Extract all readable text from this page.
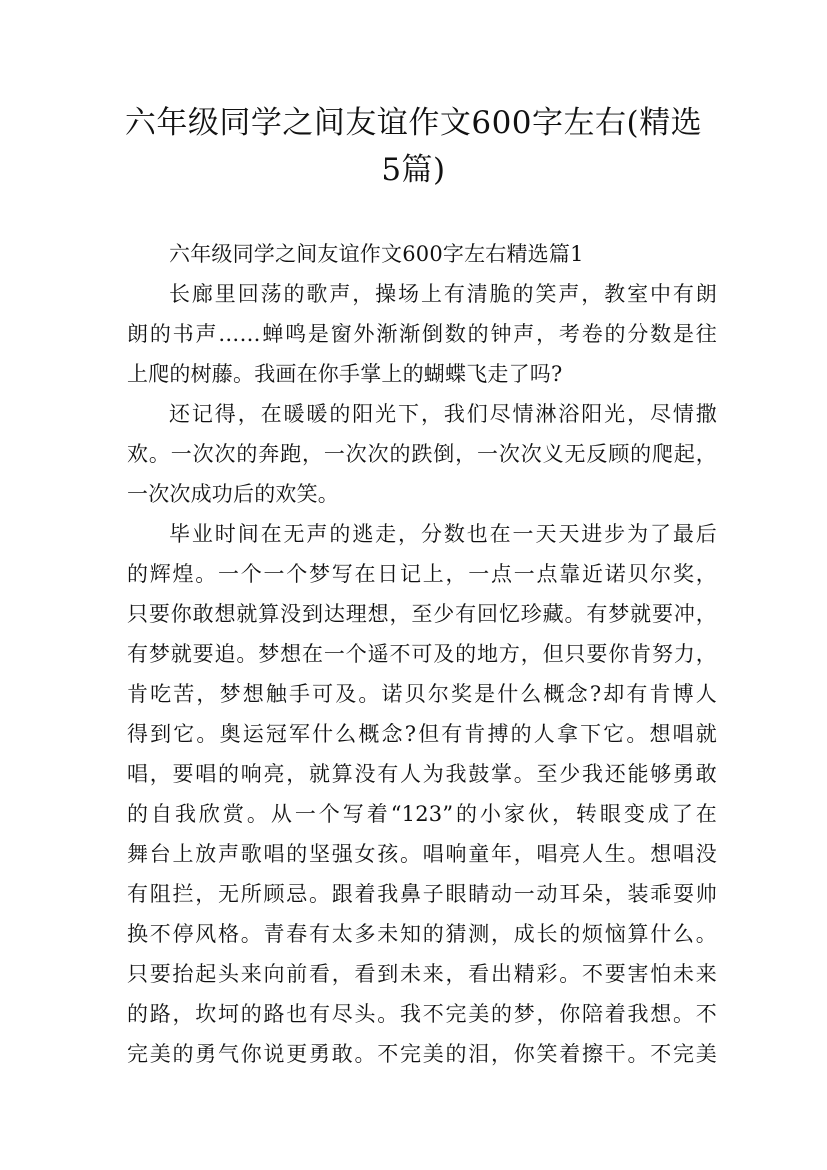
六年级同学之间友谊作文600字左右(精选
5篇)
六年级同学之间友谊作文600字左右精选篇1
长廊里回荡的歌声，操场上有清脆的笑声，教室中有朗
朗的书声……蝉鸣是窗外渐渐倒数的钟声，考卷的分数是往
上爬的树藤。我画在你手掌上的蝴蝶飞走了吗?
还记得，在暖暖的阳光下，我们尽情淋浴阳光，尽情撒
欢。一次次的奔跑，一次次的跌倒，一次次义无反顾的爬起，
一次次成功后的欢笑。
毕业时间在无声的逃走，分数也在一天天进步为了最后
的辉煌。一个一个梦写在日记上，一点一点靠近诺贝尔奖，
只要你敢想就算没到达理想，至少有回忆珍藏。有梦就要冲，
有梦就要追。梦想在一个遥不可及的地方，但只要你肯努力，
肯吃苦，梦想触手可及。诺贝尔奖是什么概念?却有肯博人
得到它。奥运冠军什么概念?但有肯搏的人拿下它。想唱就
唱，要唱的响亮，就算没有人为我鼓掌。至少我还能够勇敢
的自我欣赏。从一个写着“123”的小家伙，转眼变成了在
舞台上放声歌唱的坚强女孩。唱响童年，唱亮人生。想唱没
有阻拦，无所顾忌。跟着我鼻子眼睛动一动耳朵，装乖耍帅
换不停风格。青春有太多未知的猜测，成长的烦恼算什么。
只要抬起头来向前看，看到未来，看出精彩。不要害怕未来
的路，坎坷的路也有尽头。我不完美的梦，你陪着我想。不
完美的勇气你说更勇敢。不完美的泪，你笑着擦干。不完美
